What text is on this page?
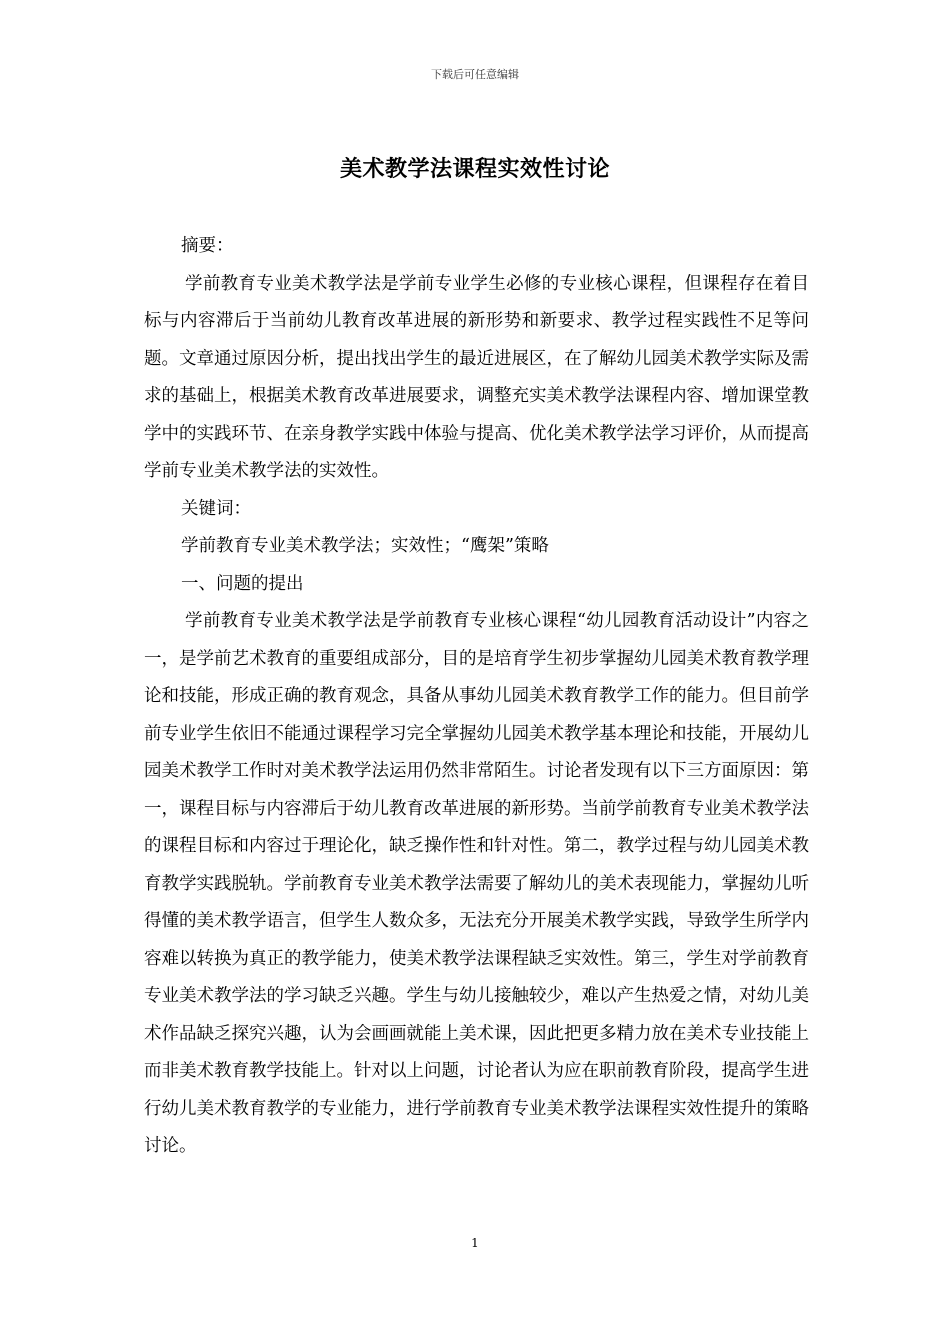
下载后可任意编辑
美术教学法课程实效性讨论

摘要：

学前教育专业美术教学法是学前专业学生必修的专业核心课程，但课程存在着目标与内容滞后于当前幼儿教育改革进展的新形势和新要求、教学过程实践性不足等问题。文章通过原因分析，提出找出学生的最近进展区，在了解幼儿园美术教学实际及需求的基础上，根据美术教育改革进展要求，调整充实美术教学法课程内容、增加课堂教学中的实践环节、在亲身教学实践中体验与提高、优化美术教学法学习评价，从而提高学前专业美术教学法的实效性。

关键词：

学前教育专业美术教学法；实效性；“鹰架”策略

一、问题的提出

学前教育专业美术教学法是学前教育专业核心课程“幼儿园教育活动设计”内容之一，是学前艺术教育的重要组成部分，目的是培育学生初步掌握幼儿园美术教育教学理论和技能，形成正确的教育观念，具备从事幼儿园美术教育教学工作的能力。但目前学前专业学生依旧不能通过课程学习完全掌握幼儿园美术教学基本理论和技能，开展幼儿园美术教学工作时对美术教学法运用仍然非常陌生。讨论者发现有以下三方面原因：第一，课程目标与内容滞后于幼儿教育改革进展的新形势。当前学前教育专业美术教学法的课程目标和内容过于理论化，缺乏操作性和针对性。第二，教学过程与幼儿园美术教育教学实践脱轨。学前教育专业美术教学法需要了解幼儿的美术表现能力，掌握幼儿听得懂的美术教学语言，但学生人数众多，无法充分开展美术教学实践，导致学生所学内容难以转换为真正的教学能力，使美术教学法课程缺乏实效性。第三，学生对学前教育专业美术教学法的学习缺乏兴趣。学生与幼儿接触较少，难以产生热爱之情，对幼儿美术作品缺乏探究兴趣，认为会画画就能上美术课，因此把更多精力放在美术专业技能上而非美术教育教学技能上。针对以上问题，讨论者认为应在职前教育阶段，提高学生进行幼儿美术教育教学的专业能力，进行学前教育专业美术教学法课程实效性提升的策略讨论。

1
